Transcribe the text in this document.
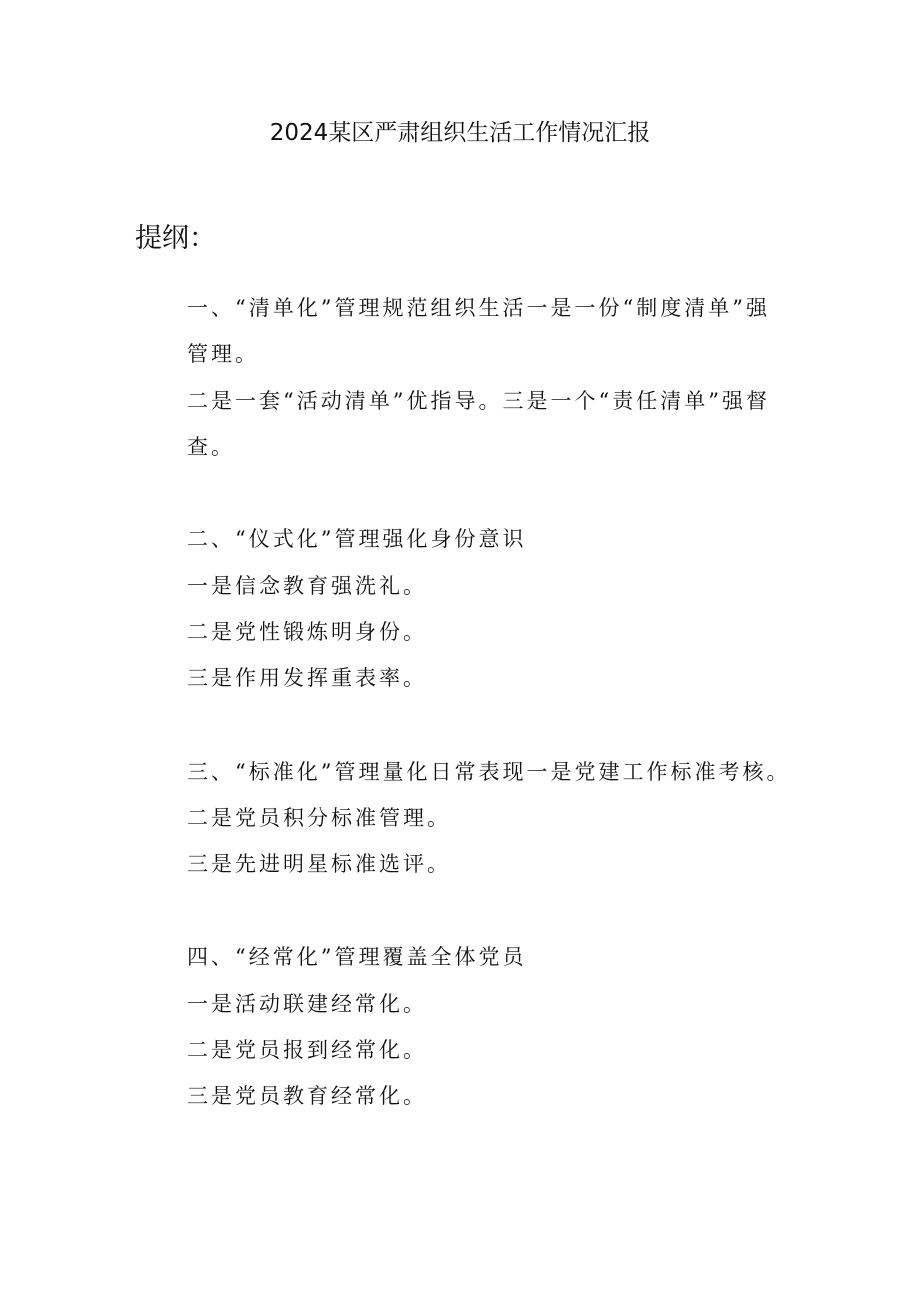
2024某区严肃组织生活工作情况汇报
提纲：
一、“清单化”管理规范组织生活一是一份“制度清单”强
管理。
二是一套“活动清单”优指导。三是一个“责任清单”强督
查。
二、“仪式化”管理强化身份意识
一是信念教育强洗礼。
二是党性锻炼明身份。
三是作用发挥重表率。
三、“标准化”管理量化日常表现一是党建工作标准考核。
二是党员积分标准管理。
三是先进明星标准选评。
四、“经常化”管理覆盖全体党员
一是活动联建经常化。
二是党员报到经常化。
三是党员教育经常化。
